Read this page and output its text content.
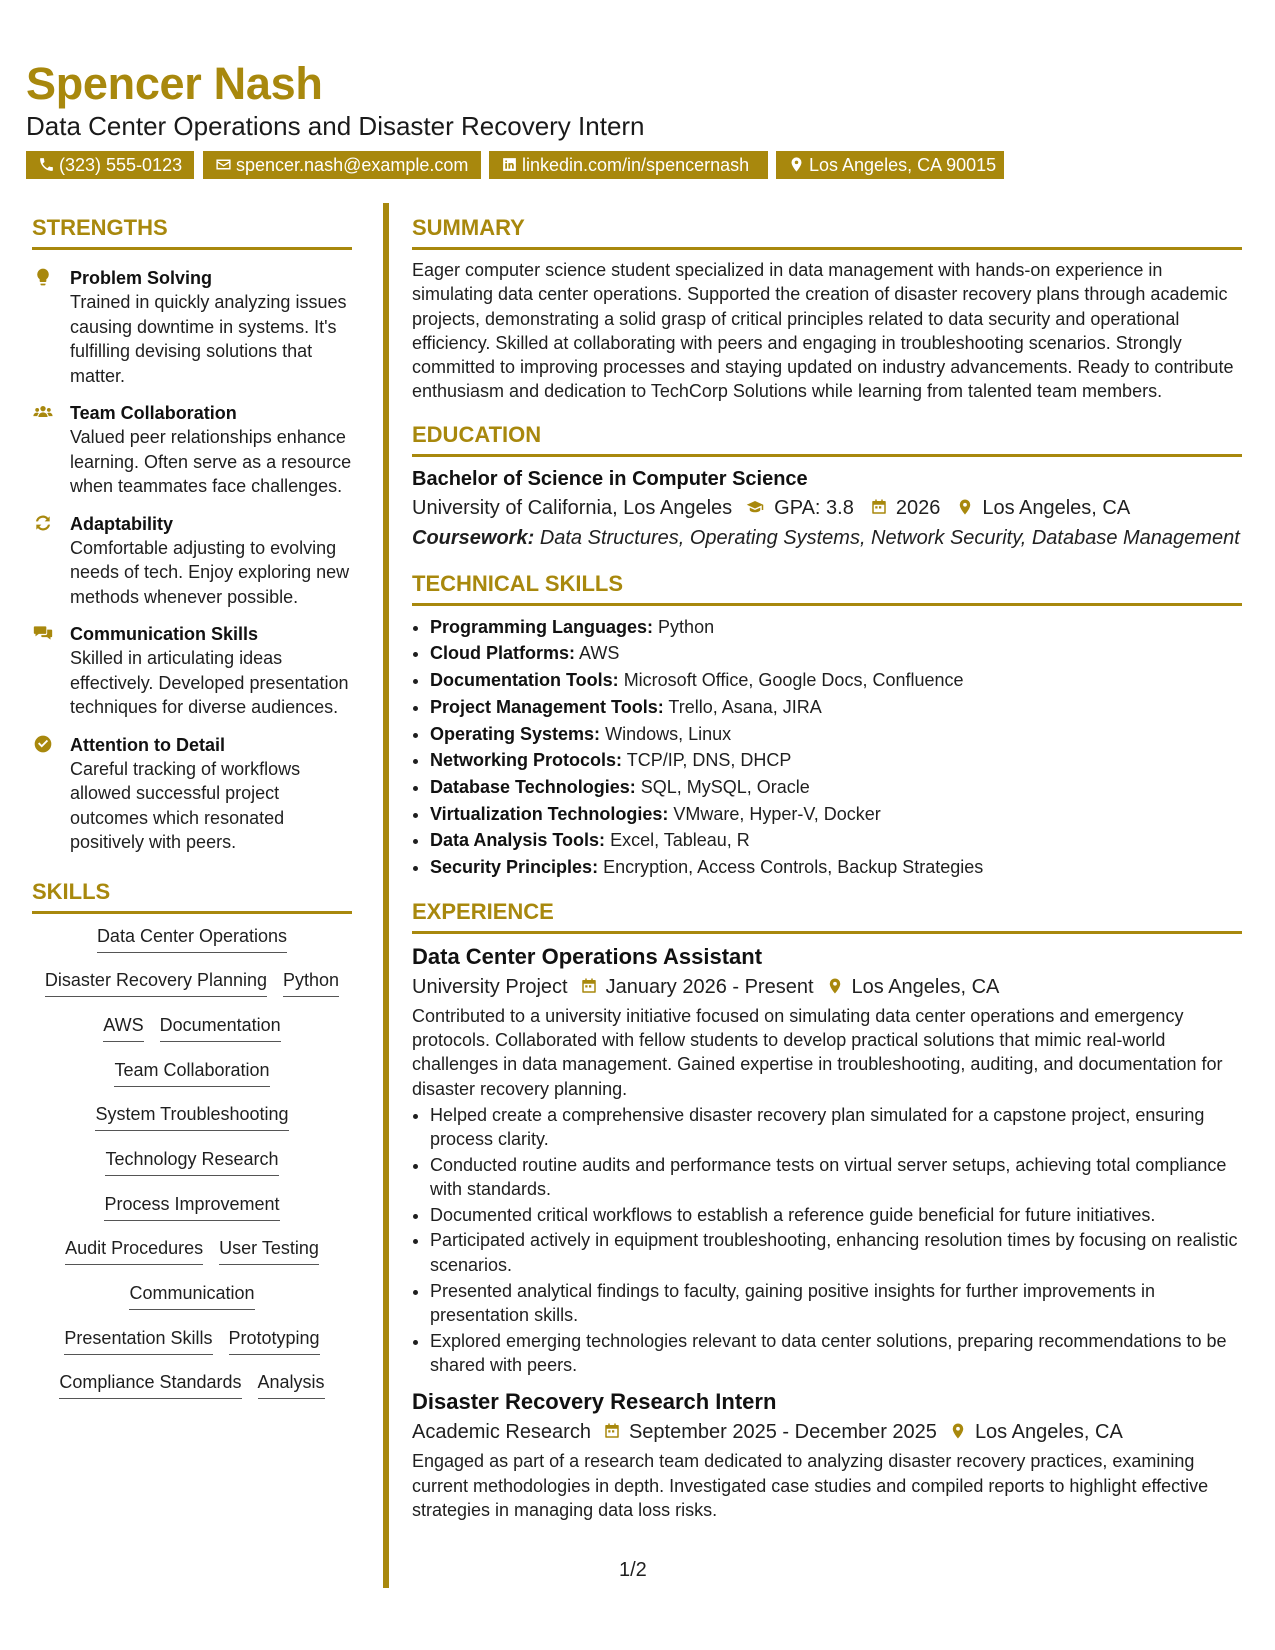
Spencer Nash
Data Center Operations and Disaster Recovery Intern
(323) 555-0123	spencer.nash@example.com	linkedin.com/in/spencernash	Los Angeles, CA 90015
STRENGTHS
Problem Solving
Trained in quickly analyzing issues causing downtime in systems. It's fulfilling devising solutions that matter.
Team Collaboration
Valued peer relationships enhance learning. Often serve as a resource when teammates face challenges.
Adaptability
Comfortable adjusting to evolving needs of tech. Enjoy exploring new methods whenever possible.
Communication Skills
Skilled in articulating ideas effectively. Developed presentation techniques for diverse audiences.
Attention to Detail
Careful tracking of workflows allowed successful project outcomes which resonated positively with peers.
SKILLS
Data Center Operations
Disaster Recovery Planning Python
AWS Documentation
Team Collaboration
System Troubleshooting
Technology Research
Process Improvement
Audit Procedures User Testing
Communication
Presentation Skills Prototyping
Compliance Standards Analysis
SUMMARY

Eager computer science student specialized in data management with hands-on experience in simulating data center operations. Supported the creation of disaster recovery plans through academic projects, demonstrating a solid grasp of critical principles related to data security and operational efficiency. Skilled at collaborating with peers and engaging in troubleshooting scenarios. Strongly committed to improving processes and staying updated on industry advancements. Ready to contribute enthusiasm and dedication to TechCorp Solutions while learning from talented team members.

EDUCATION
Bachelor of Science in Computer Science
University of California, Los Angeles GPA: 3.8 2026 Los Angeles, CA
Coursework: Data Structures, Operating Systems, Network Security, Database Management
TECHNICAL SKILLS
• Programming Languages: Python
• Cloud Platforms: AWS
• Documentation Tools: Microsoft Office, Google Docs, Confluence
• Project Management Tools: Trello, Asana, JIRA
• Operating Systems: Windows, Linux
• Networking Protocols: TCP/IP, DNS, DHCP
• Database Technologies: SQL, MySQL, Oracle
• Virtualization Technologies: VMware, Hyper-V, Docker
• Data Analysis Tools: Excel, Tableau, R
• Security Principles: Encryption, Access Controls, Backup Strategies
EXPERIENCE
Data Center Operations Assistant
University Project January 2026 - Present Los Angeles, CA

Contributed to a university initiative focused on simulating data center operations and emergency protocols. Collaborated with fellow students to develop practical solutions that mimic real-world challenges in data management. Gained expertise in troubleshooting, auditing, and documentation for disaster recovery planning.

• Helped create a comprehensive disaster recovery plan simulated for a capstone project, ensuring process clarity.
• Conducted routine audits and performance tests on virtual server setups, achieving total compliance with standards.
• Documented critical workflows to establish a reference guide beneficial for future initiatives.
• Participated actively in equipment troubleshooting, enhancing resolution times by focusing on realistic scenarios.
• Presented analytical findings to faculty, gaining positive insights for further improvements in presentation skills.
• Explored emerging technologies relevant to data center solutions, preparing recommendations to be shared with peers.
Disaster Recovery Research Intern
Academic Research September 2025 - December 2025 Los Angeles, CA

Engaged as part of a research team dedicated to analyzing disaster recovery practices, examining current methodologies in depth. Investigated case studies and compiled reports to highlight effective strategies in managing data loss risks.

1/2
